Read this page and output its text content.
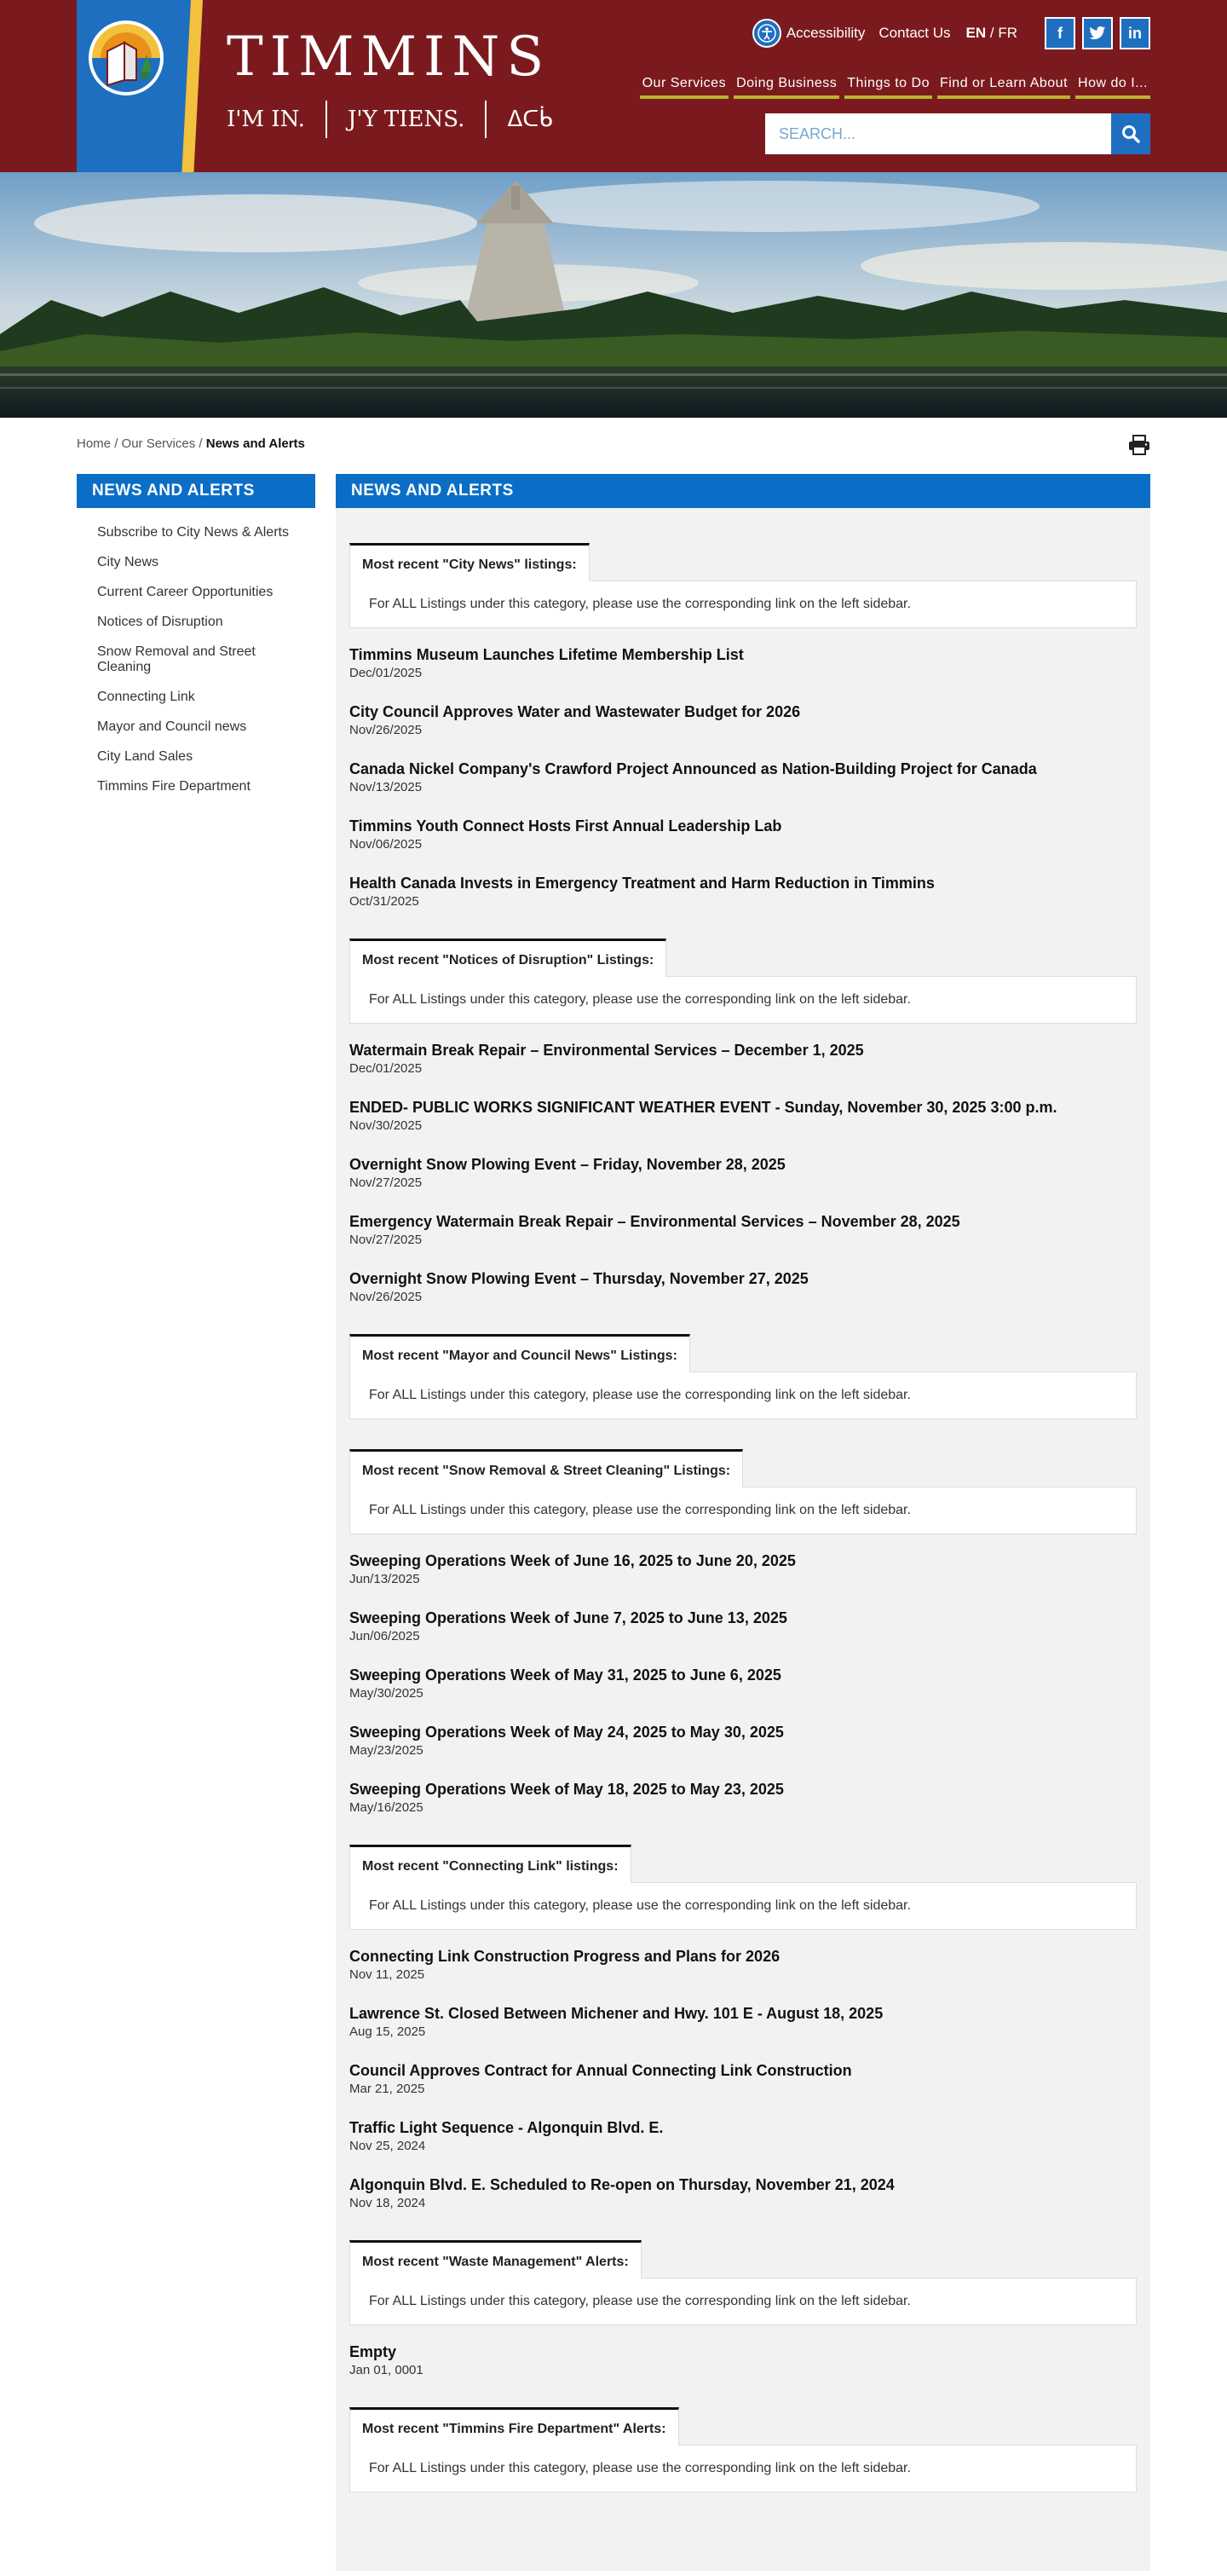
TIMMINS
I'M IN.	J'Y TIENS.	ᐃᑕᑳ
Accessibility Contact Us EN / FR	f	in
Our Services Doing Business Things to Do Find or Learn About How do I...
SEARCH...
Home / Our Services / News and Alerts
NEWS AND ALERTS
Subscribe to City News & Alerts
City News
Current Career Opportunities
Notices of Disruption
Snow Removal and Street Cleaning
Connecting Link
Mayor and Council news
City Land Sales
Timmins Fire Department
NEWS AND ALERTS
Most recent "City News" listings:
For ALL Listings under this category, please use the corresponding link on the left sidebar.
Timmins Museum Launches Lifetime Membership List
Dec/01/2025
City Council Approves Water and Wastewater Budget for 2026
Nov/26/2025
Canada Nickel Company's Crawford Project Announced as Nation-Building Project for Canada
Nov/13/2025
Timmins Youth Connect Hosts First Annual Leadership Lab
Nov/06/2025
Health Canada Invests in Emergency Treatment and Harm Reduction in Timmins
Oct/31/2025
Most recent "Notices of Disruption" Listings:
For ALL Listings under this category, please use the corresponding link on the left sidebar.
Watermain Break Repair – Environmental Services – December 1, 2025
Dec/01/2025
ENDED- PUBLIC WORKS SIGNIFICANT WEATHER EVENT - Sunday, November 30, 2025 3:00 p.m.
Nov/30/2025
Overnight Snow Plowing Event – Friday, November 28, 2025
Nov/27/2025
Emergency Watermain Break Repair – Environmental Services – November 28, 2025
Nov/27/2025
Overnight Snow Plowing Event – Thursday, November 27, 2025
Nov/26/2025
Most recent "Mayor and Council News" Listings:
For ALL Listings under this category, please use the corresponding link on the left sidebar.
Most recent "Snow Removal & Street Cleaning" Listings:
For ALL Listings under this category, please use the corresponding link on the left sidebar.
Sweeping Operations Week of June 16, 2025 to June 20, 2025
Jun/13/2025
Sweeping Operations Week of June 7, 2025 to June 13, 2025
Jun/06/2025
Sweeping Operations Week of May 31, 2025 to June 6, 2025
May/30/2025
Sweeping Operations Week of May 24, 2025 to May 30, 2025
May/23/2025
Sweeping Operations Week of May 18, 2025 to May 23, 2025
May/16/2025
Most recent "Connecting Link" listings:
For ALL Listings under this category, please use the corresponding link on the left sidebar.
Connecting Link Construction Progress and Plans for 2026
Nov 11, 2025
Lawrence St. Closed Between Michener and Hwy. 101 E - August 18, 2025
Aug 15, 2025
Council Approves Contract for Annual Connecting Link Construction
Mar 21, 2025
Traffic Light Sequence - Algonquin Blvd. E.
Nov 25, 2024
Algonquin Blvd. E. Scheduled to Re-open on Thursday, November 21, 2024
Nov 18, 2024
Most recent "Waste Management" Alerts:
For ALL Listings under this category, please use the corresponding link on the left sidebar.
Empty
Jan 01, 0001
Most recent "Timmins Fire Department" Alerts:
For ALL Listings under this category, please use the corresponding link on the left sidebar.
